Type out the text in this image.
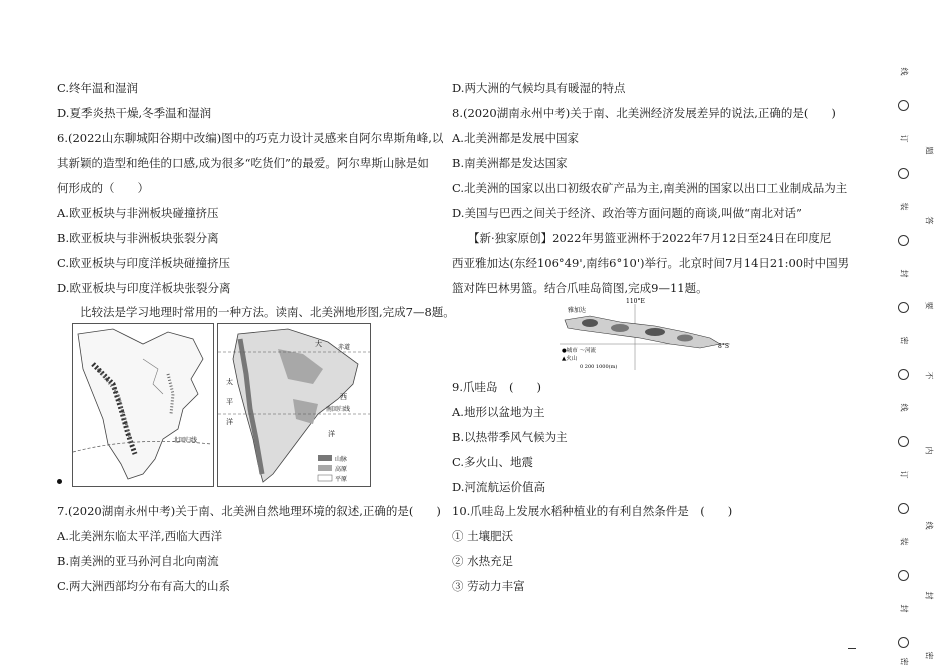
C.终年温和湿润
D.夏季炎热干燥,冬季温和湿润
6.(2022山东聊城阳谷期中改编)图中的巧克力设计灵感来自阿尔卑斯角峰,以
其新颖的造型和绝佳的口感,成为很多“吃货们”的最爱。阿尔卑斯山脉是如
何形成的（　　）
A.欧亚板块与非洲板块碰撞挤压
B.欧亚板块与非洲板块张裂分离
C.欧亚板块与印度洋板块碰撞挤压
D.欧亚板块与印度洋板块张裂分离
比较法是学习地理时常用的一种方法。读南、北美洲地形图,完成7—8题。
北回归线
赤道
南回归线
大
太
平
洋
西
洋
山脉
高原
平原
7.(2020湖南永州中考)关于南、北美洲自然地理环境的叙述,正确的是(　　)
A.北美洲东临太平洋,西临大西洋
B.南美洲的亚马孙河自北向南流
C.两大洲西部均分布有高大的山系
D.两大洲的气候均具有暖湿的特点
8.(2020湖南永州中考)关于南、北美洲经济发展差异的说法,正确的是(　　)
A.北美洲都是发展中国家
B.南美洲都是发达国家
C.北美洲的国家以出口初级农矿产品为主,南美洲的国家以出口工业制成品为主
D.美国与巴西之间关于经济、政治等方面问题的商谈,叫做“南北对话”
【新·独家原创】2022年男篮亚洲杯于2022年7月12日至24日在印度尼
西亚雅加达(东经106°49',南纬6°10')举行。北京时间7月14日21:00时中国男
篮对阵巴林男篮。结合爪哇岛简图,完成9—11题。
110°E
8°S
雅加达
●城市 ～河流
▲火山
0 200 1000(m)
9.爪哇岛　(　　)
A.地形以盆地为主
B.以热带季风气候为主
C.多火山、地震
D.河流航运价值高
10.爪哇岛上发展水稻种植业的有利自然条件是　(　　)
① 土壤肥沃
② 水热充足
③ 劳动力丰富
线
订
装
封
密
线
订
装
封
密
题
答
要
不
内
线
封
密
